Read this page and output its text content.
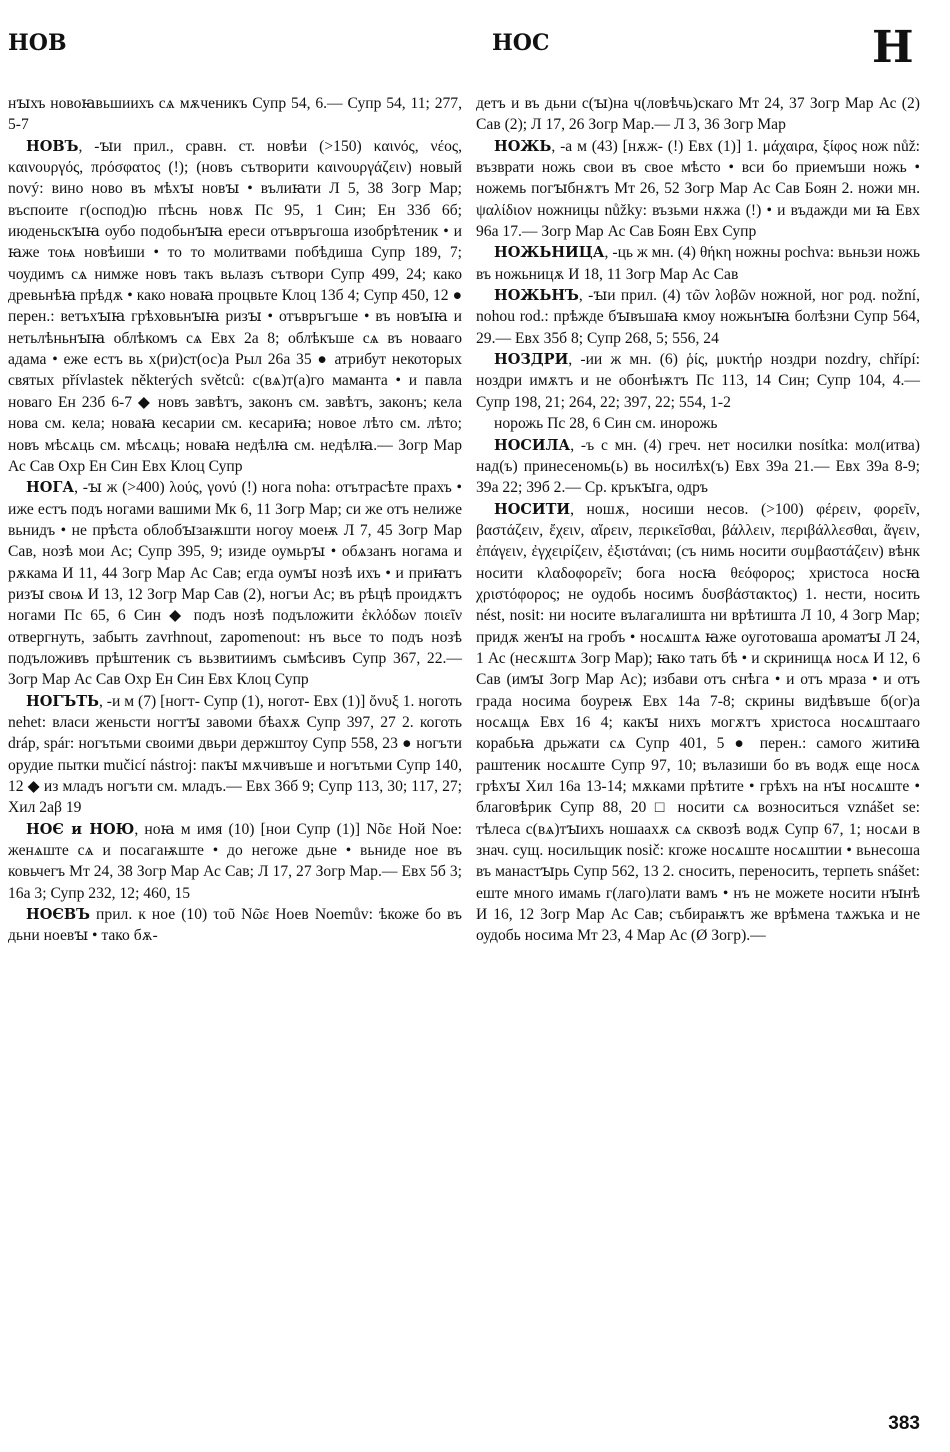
НОВ	НОС	Н

нꙑхъ новоꙗвьшиихъ сѧ мѫченикъ Супр 54, 6.— Супр 54, 11; 277, 5-7

НОВЪ, -ꙑи прил., сравн. ст. новѣи (>150) καινός, νέος, καινουργός, πρόσφατος (!); (новъ сътворити καινουργάζειν) новый nový: вино ново въ мѣхꙑ новꙑ • вълиꙗти Л 5, 38 Зогр Мар; въспоите г(оспод)ю пѣснь новѫ Пс 95, 1 Син; Ен 33б 6б; июденьскꙑꙗ оубо подобьнꙑꙗ ереси отъвръгоша изобрѣтеник • и ꙗже тоѩ новѣиши • то то молитвами побѣдиша Супр 189, 7; чоудимъ сѧ нимже новъ такъ вьлазъ сътвори Супр 499, 24; како древьнѣꙗ прѣдѫ • како новаꙗ процвьте Клоц 13б 4; Супр 450, 12 ● перен.: ветъхꙑꙗ грѣховьнꙑꙗ ризꙑ • отъвръгъше • въ новꙑꙗ и нетьлѣньнꙑꙗ облѣкомъ сѧ Евх 2а 8; облѣкъше сѧ въ новааго адама • еже естъ вь х(ри)ст(ос)а Рыл 26а 35 ● атрибут некоторых святых přívlastek některých světců: с(вѧ)т(а)го маманта • и павла новаго Ен 23б 6-7 ◆ новъ завѣтъ, законъ см. завѣтъ, законъ; кела нова см. кела; новаꙗ кесарии см. кесариꙗ; новое лѣто см. лѣто; новъ мѣсѧць см. мѣсѧць; новаꙗ недѣлꙗ см. недѣлꙗ.— Зогр Мар Ас Сав Охр Ен Син Евх Клоц Супр

НОГА, -ꙑ ж (>400) λούς, γονύ (!) нога noha: отътрасѣте прахъ • иже естъ подъ ногами вашими Мк 6, 11 Зогр Мар; си же отъ нелиже вьнидъ • не прѣста облобꙑзаѭшти ногоу моеѭ Л 7, 45 Зогр Мар Сав, нозѣ мои Ас; Супр 395, 9; изиде оумьрꙑ • обѧзанъ ногама и рѫкама И 11, 44 Зогр Мар Ас Сав; егда оумꙑ нозѣ ихъ • и приꙗтъ ризꙑ своѩ И 13, 12 Зогр Мар Сав (2), ногъи Ас; въ рѣцѣ проидѫтъ ногами Пс 65, 6 Син ◆ подъ нозѣ подъложити ἐκλόδων ποιεῖν отвергнуть, забыть zavrhnout, zapomenout: нъ вьсе то подъ нозѣ подъложивъ прѣштеник съ вьзвитиимъ сьмѣсивъ Супр 367, 22.— Зогр Мар Ас Сав Охр Ен Син Евх Клоц Супр

НОГЪТЬ, -и м (7) [ногт- Супр (1), ногот- Евх (1)] ὄνυξ 1. ноготь nehet: власи женьсти ногтꙑ завоми бѣахѫ Супр 397, 27 2. коготь dráp, spár: ногътьми своими двьри держштоу Супр 558, 23 ● ногъти орудие пытки mučicí nástroj: пакꙑ мѫчивъше и ногътьми Супр 140, 12 ◆ из младъ ногъти см. младъ.— Евх 36б 9; Супр 113, 30; 117, 27; Хил 2аβ 19

НОЄ и НОЮ, ноꙗ м имя (10) [нои Супр (1)] Nõε Ной Noe: женѧште сѧ и посагаѭште • до негоже дьне • вьниде ное въ ковьчегъ Мт 24, 38 Зогр Мар Ас Сав; Л 17, 27 Зогр Мар.— Евх 5б 3; 16а 3; Супр 232, 12; 460, 15

НОЄВЪ прил. к ное (10) τοῦ Νῶε Ноев Noemův: ѣкоже бо въ дьни ноевꙑ • тако бѫ-

детъ и въ дьни с(ꙑ)на ч(ловѣчь)скаго Мт 24, 37 Зогр Мар Ас (2) Сав (2); Л 17, 26 Зогр Мар.— Л 3, 36 Зогр Мар

НОЖЬ, -а м (43) [нѫж- (!) Евх (1)] 1. μάχαιρα, ξίφος нож nůž: възврати ножь свои въ свое мѣсто • вси бо приемъши ножь • ножемь погꙑбнѫтъ Мт 26, 52 Зогр Мар Ас Сав Боян 2. ножи мн. ψαλίδιον ножницы nůžky: възьми нѫжа (!) • и въдажди ми ꙗ Евх 96а 17.— Зогр Мар Ас Сав Боян Евх Супр

НОЖЬНИЦА, -ць ж мн. (4) θήκη ножны pochva: вьньзи ножь въ ножьницѫ И 18, 11 Зогр Мар Ас Сав

НОЖЬНЪ, -ꙑи прил. (4) τῶν λοβῶν ножной, ног род. nožní, nohou rod.: прѣжде бꙑвъшаꙗ кмоу ножьнꙑꙗ болѣзни Супр 564, 29.— Евх 35б 8; Супр 268, 5; 556, 24

НОЗДРИ, -ии ж мн. (6) ῥίς, μυκτήρ ноздри nozdry, chřípí: ноздри имѫтъ и не обонѣѭтъ Пс 113, 14 Син; Супр 104, 4.— Супр 198, 21; 264, 22; 397, 22; 554, 1-2

норожь Пс 28, 6 Син см. инорожь

НОСИЛА, -ъ с мн. (4) греч. нет носилки nosítka: мол(итва) над(ъ) принесеномь(ь) вь носилѣх(ъ) Евх 39а 21.— Евх 39а 8-9; 39а 22; 39б 2.— Ср. кръкꙑга, одръ

НОСИТИ, ношѫ, носиши несов. (>100) φέρειν, φορεῖν, βαστάζειν, ἔχειν, αἴρειν, περικεῖσθαι, βάλλειν, περιβάλλεσθαι, ἄγειν, ἐπάγειν, ἐγχειρίζειν, ἐξιστάναι; (съ нимь носити συμβαστάζειν) вѣнк носити κλαδοφορεῖν; бога носꙗ θεόφορος; христоса носꙗ χριστόφορος; не оудобь носимъ δυσβάστακτος) 1. нести, носить nést, nosit: ни носите вълагалишта ни врѣтишта Л 10, 4 Зогр Мар; придѫ женꙑ на гробъ • носѧштѧ ꙗже оуготоваша ароматꙑ Л 24, 1 Ас (несѫштѧ Зогр Мар); ꙗко тать бѣ • и скринищѧ носѧ И 12, 6 Сав (имꙑ Зогр Мар Ас); избави отъ снѣга • и отъ мраза • и отъ града носима боуреѭ Евх 14а 7-8; скрины видѣвъше б(ог)а носѧщѧ Евх 16 4; какꙑ нихъ могѫтъ христоса носѧштааго корабьꙗ дрьжати сѧ Супр 401, 5 ● перен.: самого житиꙗ раштеник носѧште Супр 97, 10; вълазиши бо въ водѫ еще носѧ грѣхꙑ Хил 16а 13-14; мѫками прѣтите • грѣхъ на нꙑ носѧште • благовѣрик Супр 88, 20 □ носити сѧ возноситься vznášet se: тѣлеса с(вѧ)тꙑихъ ношаахѫ сѧ сквозѣ водѫ Супр 67, 1; носѧи в знач. сущ. носильщик nosič: кгоже носѧште носѧштии • вьнесоша въ манастꙑрь Супр 562, 13 2. сносить, переносить, терпеть snášet: еште много имамь г(лаго)лати вамъ • нъ не можете носити нꙑнѣ И 16, 12 Зогр Мар Ас Сав; събираѭтъ же врѣмена тѧжъка и не оудобь носима Мт 23, 4 Мар Ас (Ø Зогр).—

383
